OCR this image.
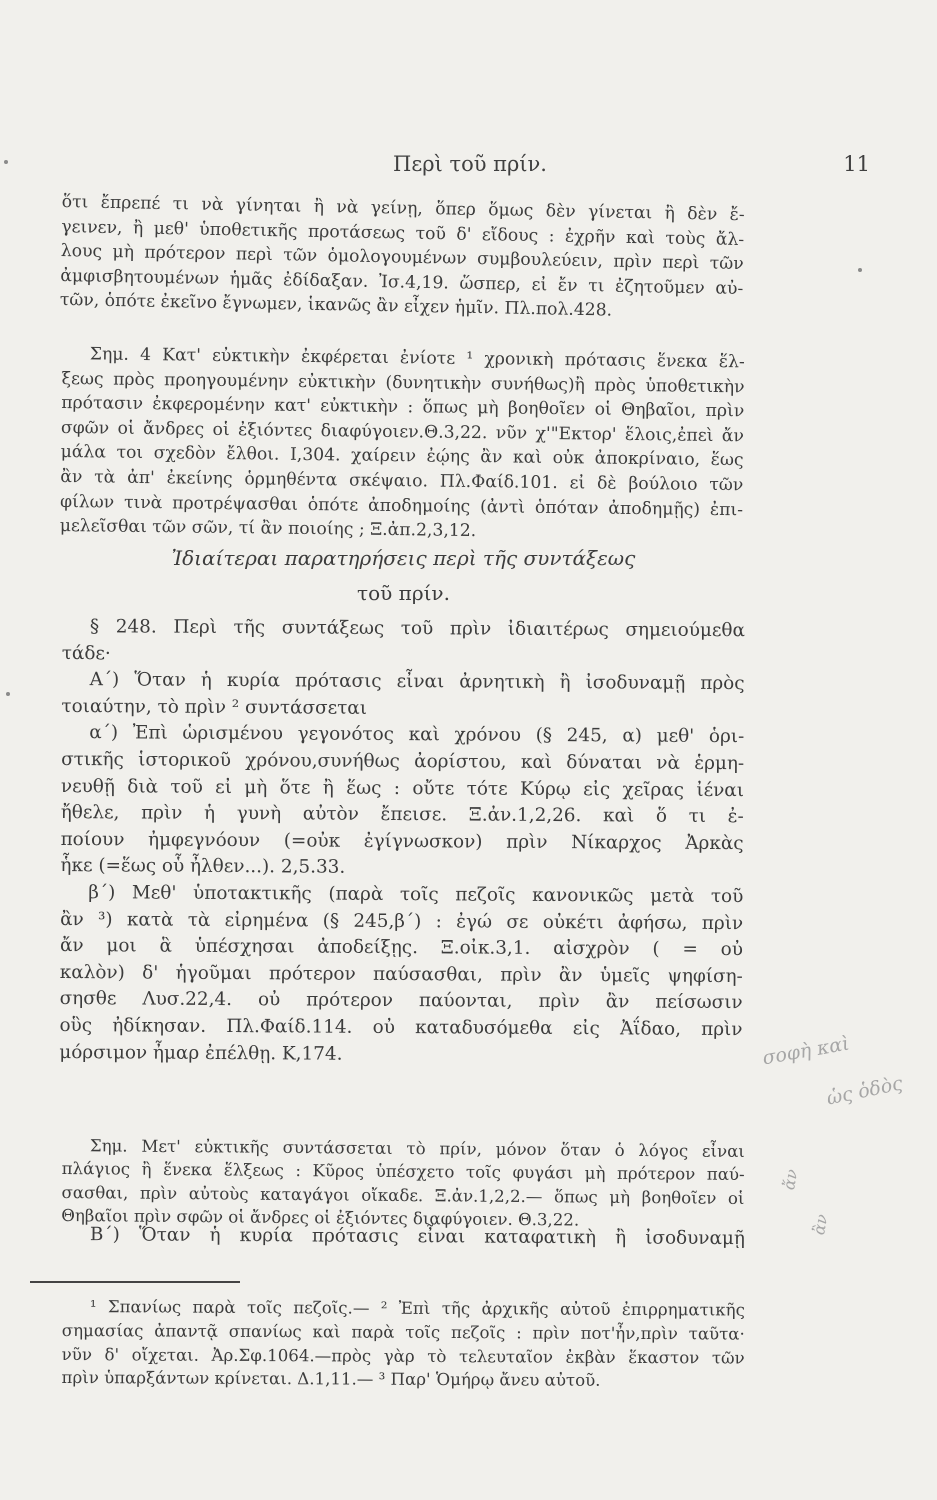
Περὶ τοῦ πρίν.	11

ὅτι ἔπρεπέ τι νὰ γίνηται ἢ νὰ γείνῃ, ὅπερ ὅμως δὲν γίνεται ἢ δὲν ἔ-

γεινεν, ἢ μεθ' ὑποθετικῆς προτάσεως τοῦ δ' εἴδους : ἐχρῆν καὶ τοὺς ἄλ-

λους μὴ πρότερον περὶ τῶν ὁμολογουμένων συμβουλεύειν, πρὶν περὶ τῶν

ἀμφισβητουμένων ἡμᾶς ἐδίδαξαν. Ἰσ.4,19. ὥσπερ, εἰ ἔν τι ἐζητοῦμεν αὐ-

τῶν, ὁπότε ἐκεῖνο ἔγνωμεν, ἱκανῶς ἂν εἶχεν ἡμῖν. Πλ.πολ.428.

Σημ. 4 Κατ' εὐκτικὴν ἐκφέρεται ἐνίοτε ¹ χρονικὴ πρότασις ἕνεκα ἕλ-

ξεως πρὸς προηγουμένην εὐκτικὴν (δυνητικὴν συνήθως)ἢ πρὸς ὑποθετικὴν

πρότασιν ἐκφερομένην κατ' εὐκτικὴν : ὅπως μὴ βοηθοῖεν οἱ Θηβαῖοι, πρὶν

σφῶν οἱ ἄνδρες οἱ ἐξιόντες διαφύγοιεν.Θ.3,22. νῦν χ'"Εκτορ' ἕλοις,ἐπεὶ ἄν

μάλα τοι σχεδὸν ἔλθοι. Ι,304. χαίρειν ἐῴης ἂν καὶ οὐκ ἀποκρίναιο, ἕως

ἂν τὰ ἀπ' ἐκείνης ὁρμηθέντα σκέψαιο. Πλ.Φαίδ.101. εἰ δὲ βούλοιο τῶν

φίλων τινὰ προτρέψασθαι ὁπότε ἀποδημοίης (ἀντὶ ὁπόταν ἀποδημῇς) ἐπι-

μελεῖσθαι τῶν σῶν, τί ἂν ποιοίης ; Ξ.ἀπ.2,3,12.

Ἰδιαίτεραι παρατηρήσεις περὶ τῆς συντάξεως
τοῦ πρίν.

§ 248. Περὶ τῆς συντάξεως τοῦ πρὶν ἰδιαιτέρως σημειούμεθα

τάδε·

Α΄) Ὅταν ἡ κυρία πρότασις εἶναι ἀρνητικὴ ἢ ἰσοδυναμῇ πρὸς

τοιαύτην, τὸ πρὶν ² συντάσσεται

α΄) Ἐπὶ ὡρισμένου γεγονότος καὶ χρόνου (§ 245, α) μεθ' ὁρι-

στικῆς ἱστορικοῦ χρόνου,συνήθως ἀορίστου, καὶ δύναται νὰ ἑρμη-

νευθῇ διὰ τοῦ εἰ μὴ ὅτε ἢ ἕως : οὔτε τότε Κύρῳ εἰς χεῖρας ἰέναι

ἤθελε, πρὶν ἡ γυνὴ αὐτὸν ἔπεισε. Ξ.ἀν.1,2,26. καὶ ὅ τι ἐ-

ποίουν ἠμφεγνόουν (=οὐκ ἐγίγνωσκον) πρὶν Νίκαρχος Ἀρκὰς

ἧκε (=ἕως οὗ ἦλθεν...). 2,5.33.

β΄) Μεθ' ὑποτακτικῆς (παρὰ τοῖς πεζοῖς κανονικῶς μετὰ τοῦ

ἂν ³) κατὰ τὰ εἰρημένα (§ 245,β΄) : ἐγώ σε οὐκέτι ἀφήσω, πρὶν

ἄν μοι ἃ ὑπέσχησαι ἀποδείξῃς. Ξ.οἰκ.3,1. αἰσχρὸν ( = οὐ

καλὸν) δ' ἡγοῦμαι πρότερον παύσασθαι, πρὶν ἂν ὑμεῖς ψηφίση-

σησθε Λυσ.22,4. οὐ πρότερον παύονται, πρὶν ἂν πείσωσιν

οὓς ἠδίκησαν. Πλ.Φαίδ.114. οὐ καταδυσόμεθα εἰς Ἀΐδαο, πρὶν

μόρσιμον ἦμαρ ἐπέλθῃ. Κ,174.

Σημ. Μετ' εὐκτικῆς συντάσσεται τὸ πρίν, μόνον ὅταν ὁ λόγος εἶναι

πλάγιος ἢ ἕνεκα ἕλξεως : Κῦρος ὑπέσχετο τοῖς φυγάσι μὴ πρότερον παύ-

σασθαι, πρὶν αὐτοὺς καταγάγοι οἴκαδε. Ξ.ἀν.1,2,2.— ὅπως μὴ βοηθοῖεν οἱ

Θηβαῖοι πρὶν σφῶν οἱ ἄνδρες οἱ ἐξιόντες διαφύγοιεν. Θ.3,22.

Β΄) Ὅταν ἡ κυρία πρότασις εἶναι καταφατικὴ ἢ ἰσοδυναμῇ

¹ Σπανίως παρὰ τοῖς πεζοῖς.— ² Ἐπὶ τῆς ἀρχικῆς αὐτοῦ ἐπιρρηματικῆς

σημασίας ἀπαντᾷ σπανίως καὶ παρὰ τοῖς πεζοῖς : πρὶν ποτ'ἦν,πρὶν ταῦτα·

νῦν δ' οἴχεται. Ἀρ.Σφ.1064.—πρὸς γὰρ τὸ τελευταῖον ἐκβὰν ἕκαστον τῶν

πρὶν ὑπαρξάντων κρίνεται. Δ.1,11.— ³ Παρ' Ὁμήρῳ ἄνευ αὐτοῦ.

σοφὴ καὶ
ὡς ὁδὸς
ἄν
ἂν
